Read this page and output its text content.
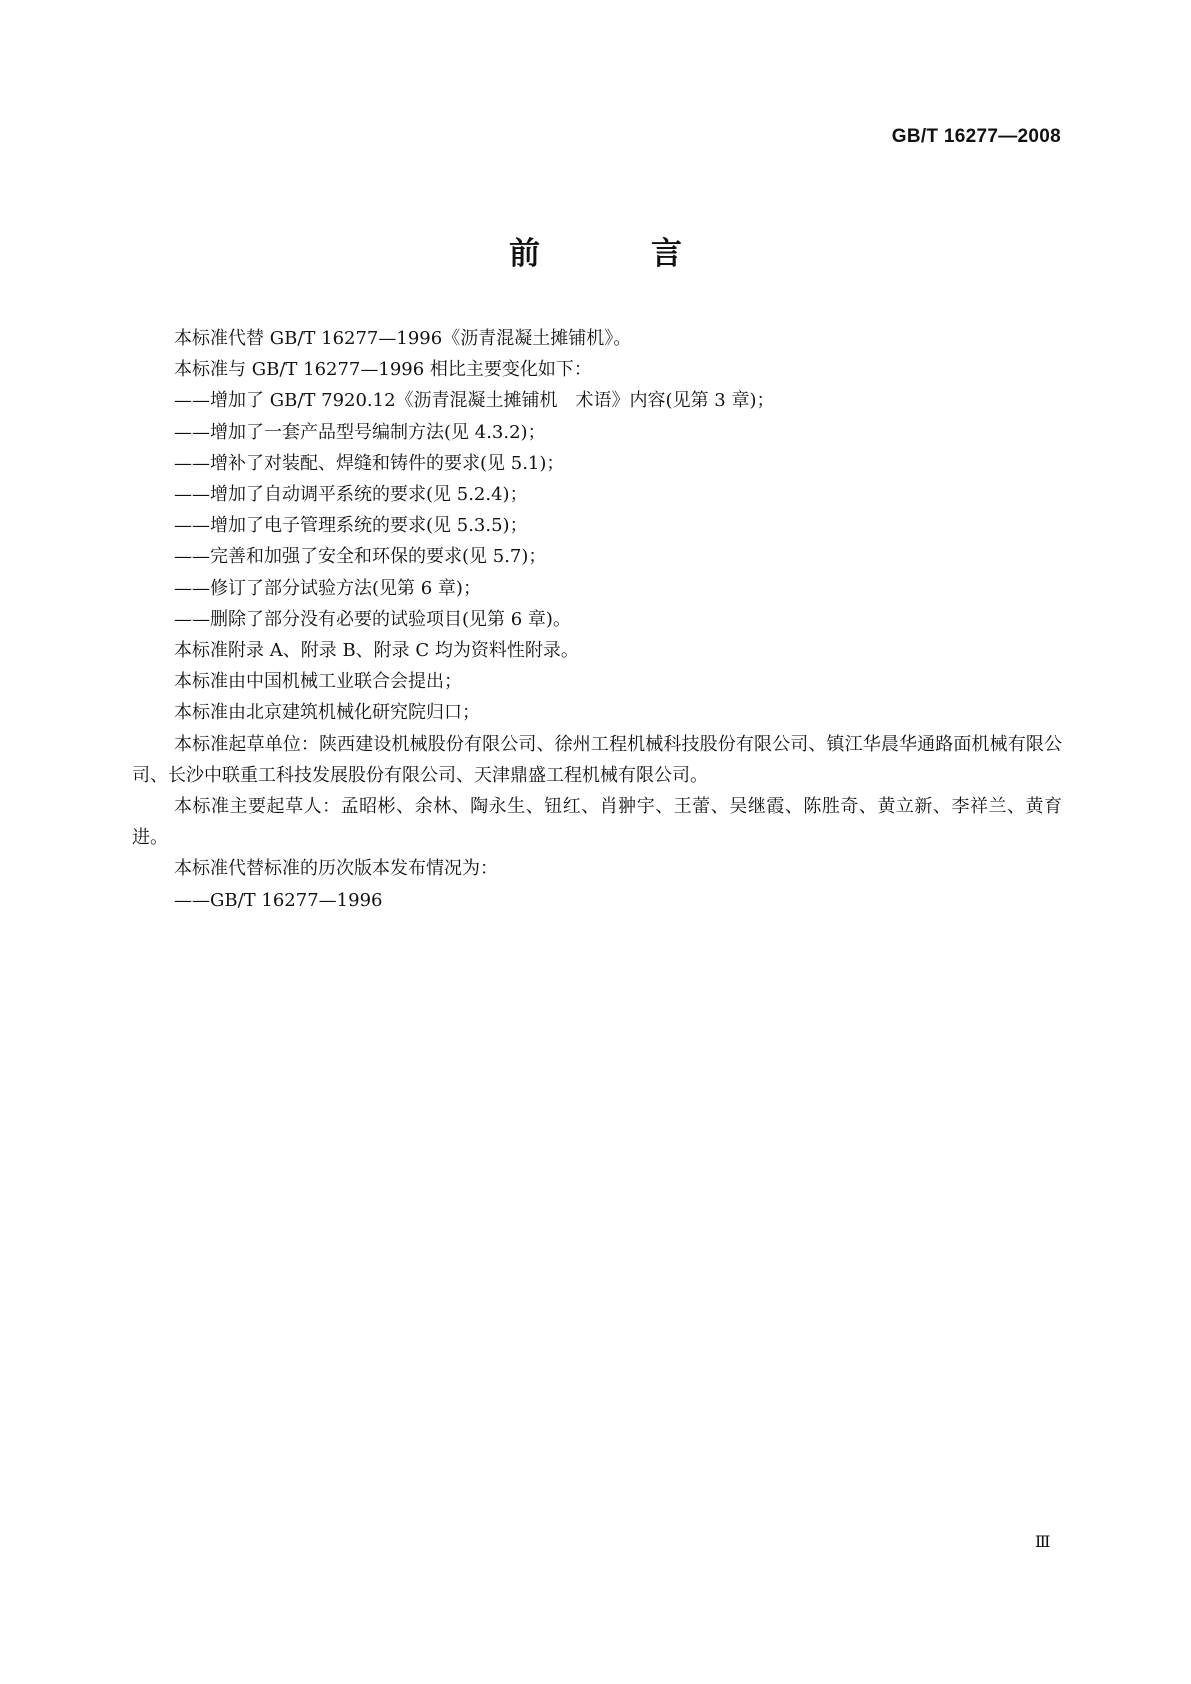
GB/T 16277—2008
前　言

本标准代替 GB/T 16277—1996《沥青混凝土摊铺机》。

本标准与 GB/T 16277—1996 相比主要变化如下：

——增加了 GB/T 7920.12《沥青混凝土摊铺机　术语》内容(见第 3 章)；

——增加了一套产品型号编制方法(见 4.3.2)；

——增补了对装配、焊缝和铸件的要求(见 5.1)；

——增加了自动调平系统的要求(见 5.2.4)；

——增加了电子管理系统的要求(见 5.3.5)；

——完善和加强了安全和环保的要求(见 5.7)；

——修订了部分试验方法(见第 6 章)；

——删除了部分没有必要的试验项目(见第 6 章)。

本标准附录 A、附录 B、附录 C 均为资料性附录。

本标准由中国机械工业联合会提出；

本标准由北京建筑机械化研究院归口；

本标准起草单位：陕西建设机械股份有限公司、徐州工程机械科技股份有限公司、镇江华晨华通路面机械有限公司、长沙中联重工科技发展股份有限公司、天津鼎盛工程机械有限公司。

本标准主要起草人：孟昭彬、余林、陶永生、钮红、肖翀宇、王蕾、吴继霞、陈胜奇、黄立新、李祥兰、黄育进。

本标准代替标准的历次版本发布情况为：

——GB/T 16277—1996

Ⅲ
